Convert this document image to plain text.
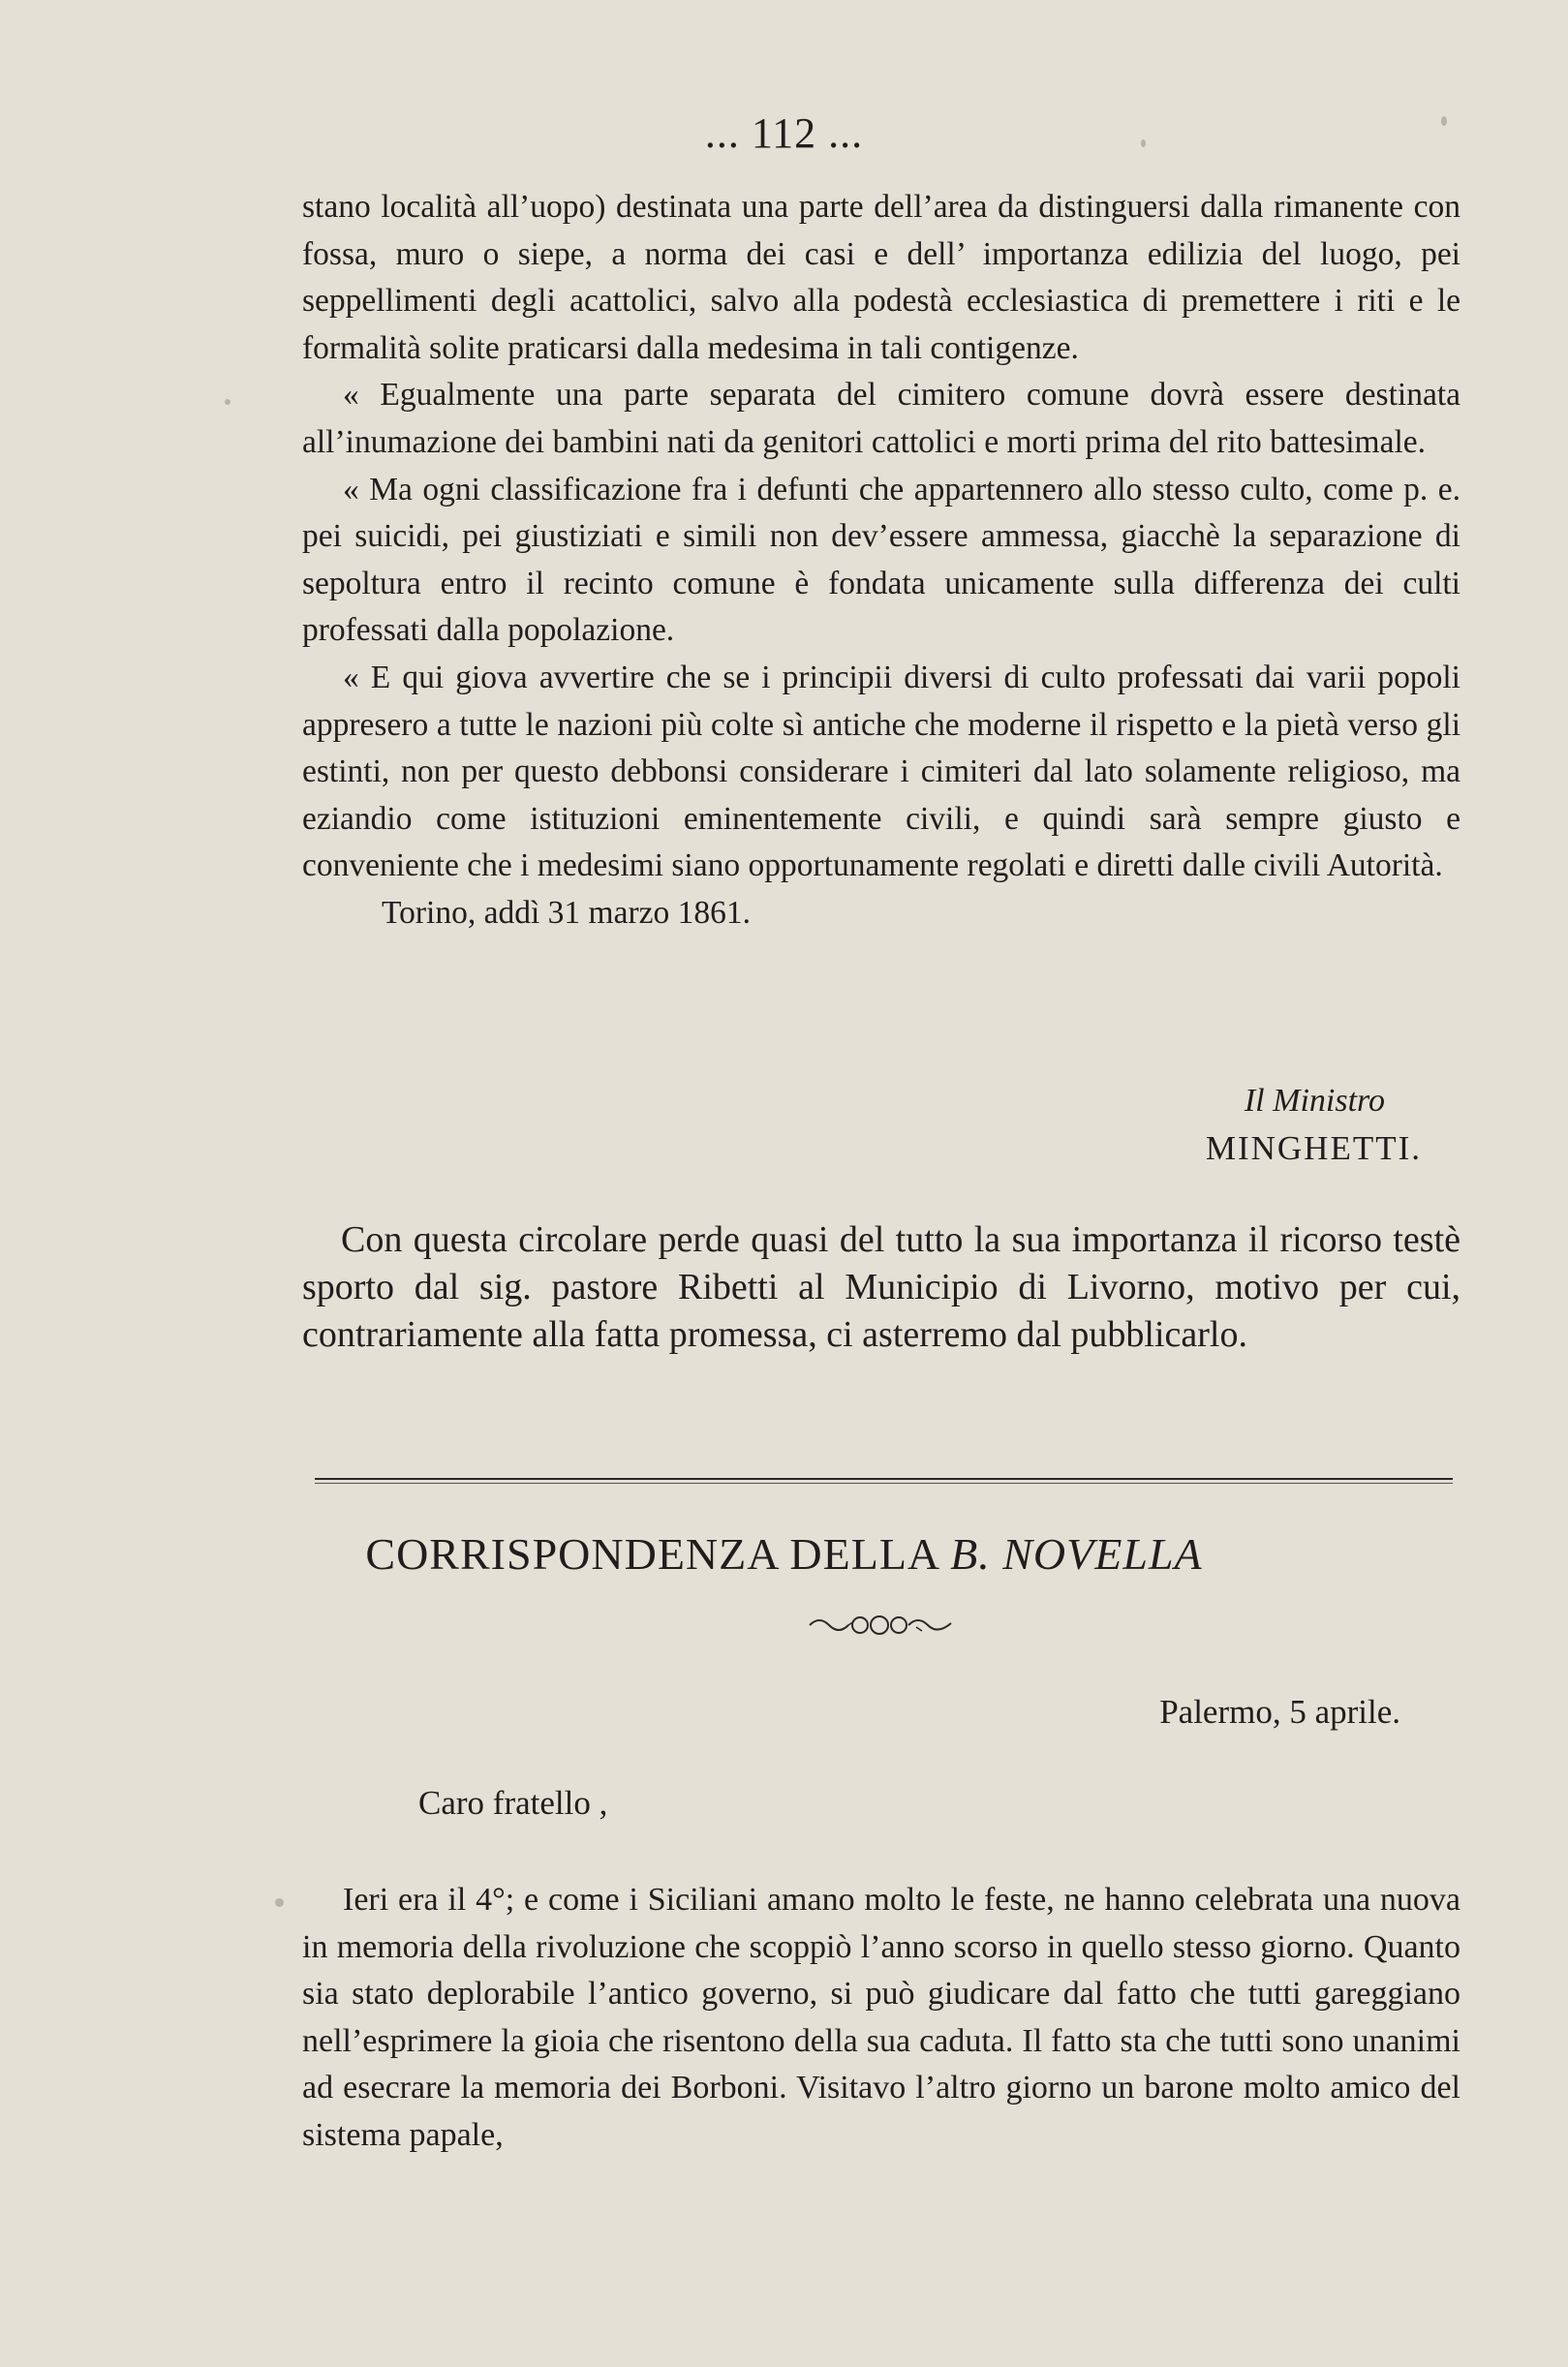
... 112 ...

stano località all’uopo) destinata una parte dell’area da distinguersi dalla rimanente con fossa, muro o siepe, a norma dei casi e dell’ importanza edilizia del luogo, pei seppellimenti degli acattolici, salvo alla podestà ecclesiastica di premettere i riti e le formalità solite praticarsi dalla medesima in tali contigenze.

« Egualmente una parte separata del cimitero comune dovrà essere destinata all’inumazione dei bambini nati da genitori cattolici e morti prima del rito battesimale.

« Ma ogni classificazione fra i defunti che appartennero allo stesso culto, come p. e. pei suicidi, pei giustiziati e simili non dev’essere ammessa, giacchè la separazione di sepoltura entro il recinto comune è fondata unicamente sulla differenza dei culti professati dalla popolazione.

« E qui giova avvertire che se i principii diversi di culto professati dai varii popoli appresero a tutte le nazioni più colte sì antiche che moderne il rispetto e la pietà verso gli estinti, non per questo debbonsi considerare i cimiteri dal lato solamente religioso, ma eziandio come istituzioni eminentemente civili, e quindi sarà sempre giusto e conveniente che i medesimi siano opportunamente regolati e diretti dalle civili Autorità.

Torino, addì 31 marzo 1861.

Il Ministro
MINGHETTI.

Con questa circolare perde quasi del tutto la sua importanza il ricorso testè sporto dal sig. pastore Ribetti al Municipio di Livorno, motivo per cui, contrariamente alla fatta promessa, ci asterremo dal pubblicarlo.

CORRISPONDENZA DELLA B. NOVELLA
Palermo, 5 aprile.
Caro fratello ,

Ieri era il 4°; e come i Siciliani amano molto le feste, ne hanno celebrata una nuova in memoria della rivoluzione che scoppiò l’anno scorso in quello stesso giorno. Quanto sia stato deplorabile l’antico governo, si può giudicare dal fatto che tutti gareggiano nell’esprimere la gioia che risentono della sua caduta. Il fatto sta che tutti sono unanimi ad esecrare la memoria dei Borboni. Visitavo l’altro giorno un barone molto amico del sistema papale,
